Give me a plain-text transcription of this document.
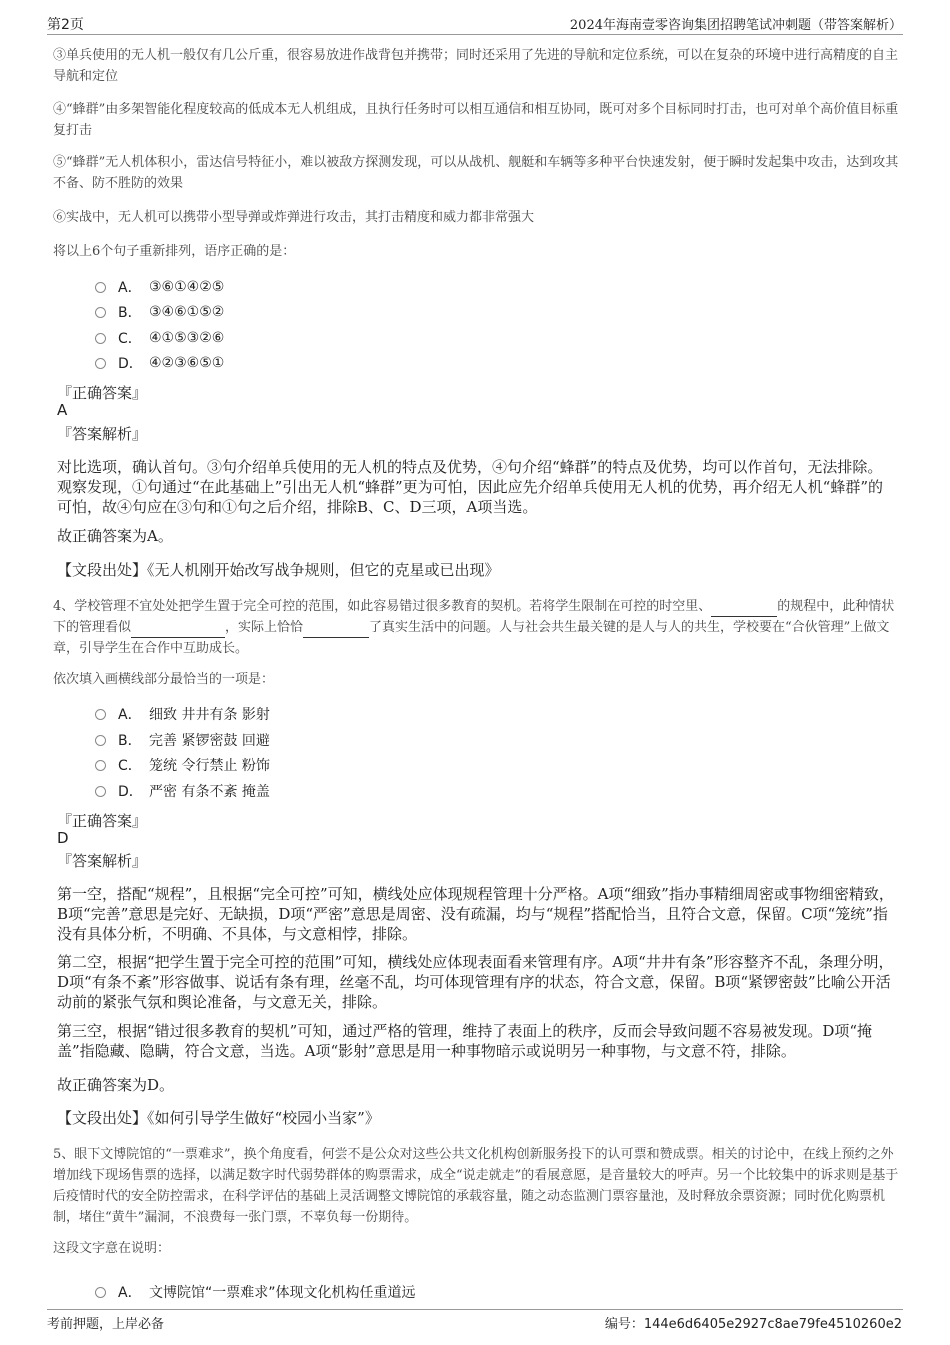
第2页	2024年海南壹零咨询集团招聘笔试冲刺题（带答案解析）
③单兵使用的无人机一般仅有几公斤重，很容易放进作战背包并携带；同时还采用了先进的导航和定位系统，可以在复杂的环境中进行高精度的自主导航和定位
④“蜂群”由多架智能化程度较高的低成本无人机组成，且执行任务时可以相互通信和相互协同，既可对多个目标同时打击，也可对单个高价值目标重复打击
⑤“蜂群”无人机体积小，雷达信号特征小，难以被敌方探测发现，可以从战机、舰艇和车辆等多种平台快速发射，便于瞬时发起集中攻击，达到攻其不备、防不胜防的效果
⑥实战中，无人机可以携带小型导弹或炸弹进行攻击，其打击精度和威力都非常强大
将以上6个句子重新排列，语序正确的是：
A． ③⑥①④②⑤
B． ③④⑥①⑤②
C． ④①⑤③②⑥
D． ④②③⑥⑤①
『正确答案』
A
『答案解析』
对比选项，确认首句。③句介绍单兵使用的无人机的特点及优势，④句介绍“蜂群”的特点及优势，均可以作首句，无法排除。观察发现，①句通过“在此基础上”引出无人机“蜂群”更为可怕，因此应先介绍单兵使用无人机的优势，再介绍无人机“蜂群”的可怕，故④句应在③句和①句之后介绍，排除B、C、D三项，A项当选。
故正确答案为A。
【文段出处】《无人机刚开始改写战争规则，但它的克星或已出现》
4、学校管理不宜处处把学生置于完全可控的范围，如此容易错过很多教育的契机。若将学生限制在可控的时空里、	的规程中，此种情状下的管理看似	，实际上恰恰	了真实生活中的问题。人与社会共生最关键的是人与人的共生，学校要在“合伙管理”上做文章，引导学生在合作中互助成长。
依次填入画横线部分最恰当的一项是：
A． 细致 井井有条 影射
B． 完善 紧锣密鼓 回避
C． 笼统 令行禁止 粉饰
D． 严密 有条不紊 掩盖
『正确答案』
D
『答案解析』
第一空，搭配“规程”，且根据“完全可控”可知，横线处应体现规程管理十分严格。A项“细致”指办事精细周密或事物细密精致，B项“完善”意思是完好、无缺损，D项“严密”意思是周密、没有疏漏，均与“规程”搭配恰当，且符合文意，保留。C项“笼统”指没有具体分析，不明确、不具体，与文意相悖，排除。
第二空，根据“把学生置于完全可控的范围”可知，横线处应体现表面看来管理有序。A项“井井有条”形容整齐不乱，条理分明，D项“有条不紊”形容做事、说话有条有理，丝毫不乱，均可体现管理有序的状态，符合文意，保留。B项“紧锣密鼓”比喻公开活动前的紧张气氛和舆论准备，与文意无关，排除。
第三空，根据“错过很多教育的契机”可知，通过严格的管理，维持了表面上的秩序，反而会导致问题不容易被发现。D项“掩盖”指隐藏、隐瞒，符合文意，当选。A项“影射”意思是用一种事物暗示或说明另一种事物，与文意不符，排除。
故正确答案为D。
【文段出处】《如何引导学生做好“校园小当家”》
5、眼下文博院馆的“一票难求”，换个角度看，何尝不是公众对这些公共文化机构创新服务投下的认可票和赞成票。相关的讨论中，在线上预约之外增加线下现场售票的选择，以满足数字时代弱势群体的购票需求，成全“说走就走”的看展意愿，是音量较大的呼声。另一个比较集中的诉求则是基于后疫情时代的安全防控需求，在科学评估的基础上灵活调整文博院馆的承载容量，随之动态监测门票容量池，及时释放余票资源；同时优化购票机制，堵住“黄牛”漏洞，不浪费每一张门票，不辜负每一份期待。
这段文字意在说明：
A． 文博院馆“一票难求”体现文化机构任重道远
考前押题，上岸必备	编号：144e6d6405e2927c8ae79fe4510260e2
